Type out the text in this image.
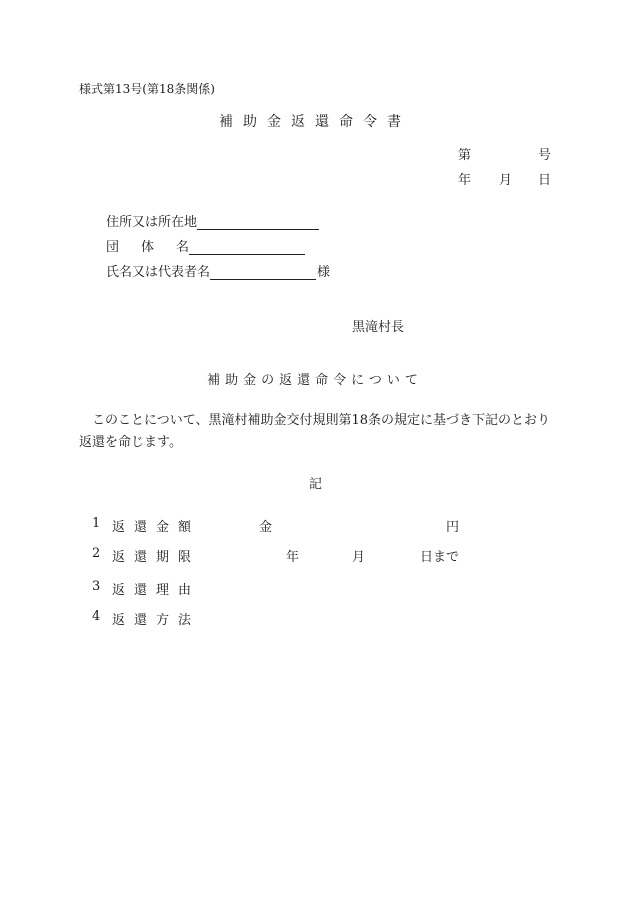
様式第13号(第18条関係)
補助金返還命令書
第	号
年 月 日
住所又は所在地
団 体 名
氏名又は代表者名	様
黒滝村長
補助金の返還命令について
このことについて、黒滝村補助金交付規則第18条の規定に基づき下記のとおり返還を命じます。
記
1 返還金額	金	円
2 返還期限	年	月	日まで
3 返還理由
4 返還方法
